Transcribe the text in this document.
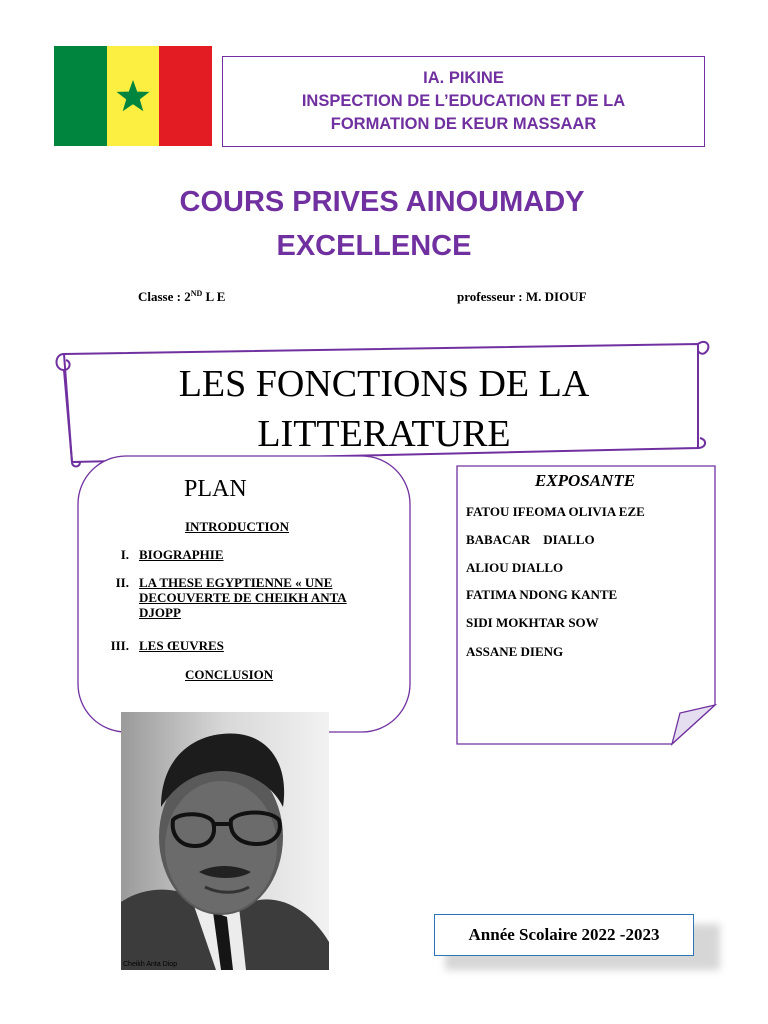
IA. PIKINE
INSPECTION DE L’EDUCATION ET DE LA
FORMATION DE KEUR MASSAAR
COURS PRIVES AINOUMADY
EXCELLENCE
Classe : 2ND L E	professeur : M. DIOUF
LES FONCTIONS DE LA
LITTERATURE
PLAN
INTRODUCTION
I. BIOGRAPHIE
II. LA THESE EGYPTIENNE « UNE DECOUVERTE DE CHEIKH ANTA DJOPP
III. LES ŒUVRES
CONCLUSION
EXPOSANTE
FATOU IFEOMA OLIVIA EZE
BABACAR    DIALLO
ALIOU DIALLO
FATIMA NDONG KANTE
SIDI MOKHTAR SOW
ASSANE DIENG
Cheikh Anta Diop
Année Scolaire 2022 -2023
